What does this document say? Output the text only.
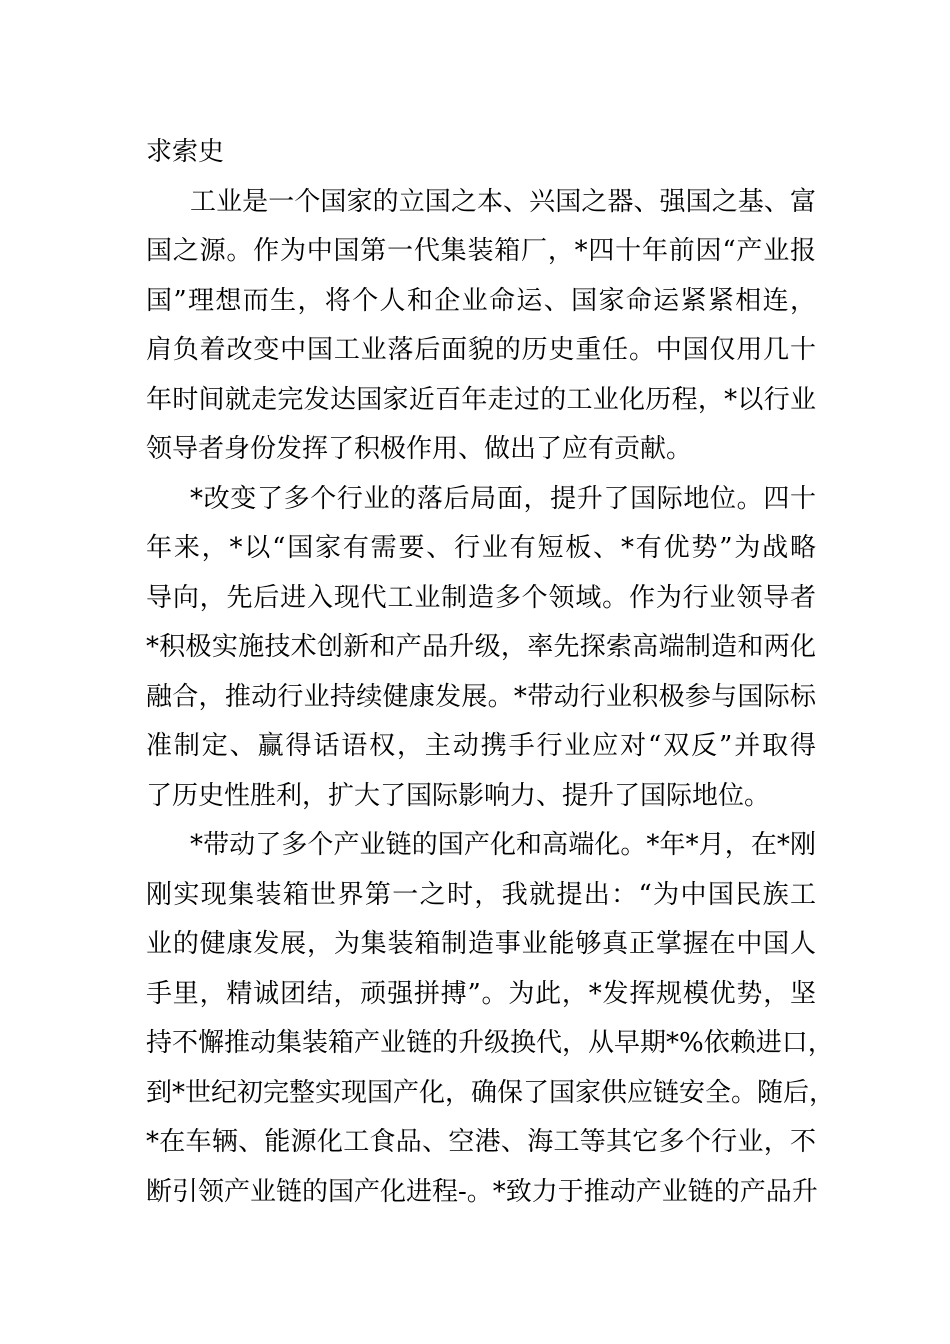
求索史

工业是一个国家的立国之本、兴国之器、强国之基、富

国之源。作为中国第一代集装箱厂，*四十年前因“产业报

国”理想而生，将个人和企业命运、国家命运紧紧相连，

肩负着改变中国工业落后面貌的历史重任。中国仅用几十

年时间就走完发达国家近百年走过的工业化历程，*以行业

领导者身份发挥了积极作用、做出了应有贡献。

*改变了多个行业的落后局面，提升了国际地位。四十

年来，*以“国家有需要、行业有短板、*有优势”为战略

导向，先后进入现代工业制造多个领域。作为行业领导者

*积极实施技术创新和产品升级，率先探索高端制造和两化

融合，推动行业持续健康发展。*带动行业积极参与国际标

准制定、赢得话语权，主动携手行业应对“双反”并取得

了历史性胜利，扩大了国际影响力、提升了国际地位。

*带动了多个产业链的国产化和高端化。*年*月，在*刚

刚实现集装箱世界第一之时，我就提出：“为中国民族工

业的健康发展，为集装箱制造事业能够真正掌握在中国人

手里，精诚团结，顽强拼搏”。为此，*发挥规模优势，坚

持不懈推动集装箱产业链的升级换代，从早期*%依赖进口，

到*世纪初完整实现国产化，确保了国家供应链安全。随后，

*在车辆、能源化工食品、空港、海工等其它多个行业，不

断引领产业链的国产化进程-。*致力于推动产业链的产品升
